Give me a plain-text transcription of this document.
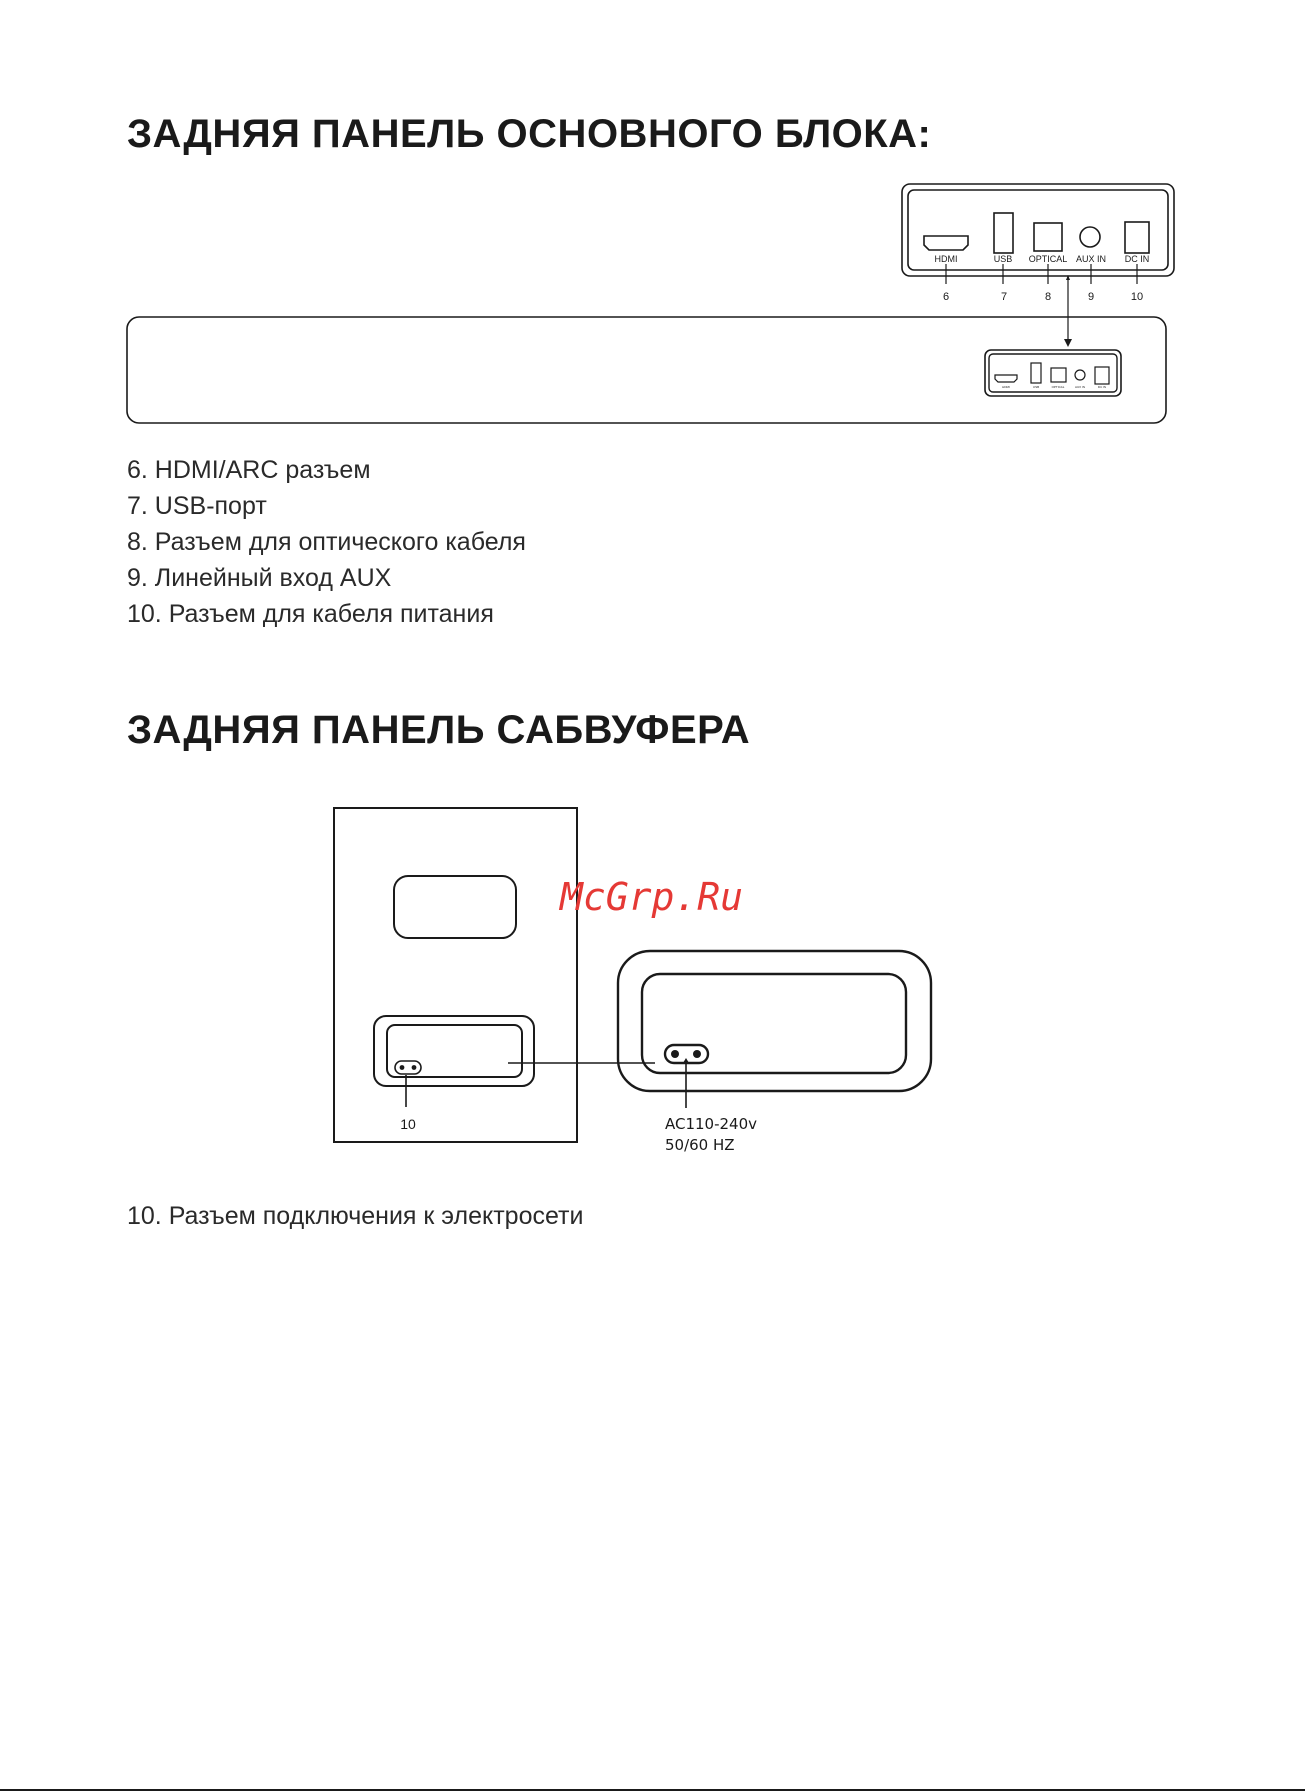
ЗАДНЯЯ ПАНЕЛЬ ОСНОВНОГО БЛОКА:
HDMI	USB OPTICAL AUX IN DC IN
6	7	8	9	10
HDMI	USB	OPTICAL	AUX IN	DC IN
10	AC110-240v
50/60 HZ
McGrp.Ru
6. HDMI/ARC разъем
7. USB-порт
8. Разъем для оптического кабеля
9. Линейный вход AUX
10. Разъем для кабеля питания
ЗАДНЯЯ ПАНЕЛЬ САБВУФЕРА
10. Разъем подключения к электросети
